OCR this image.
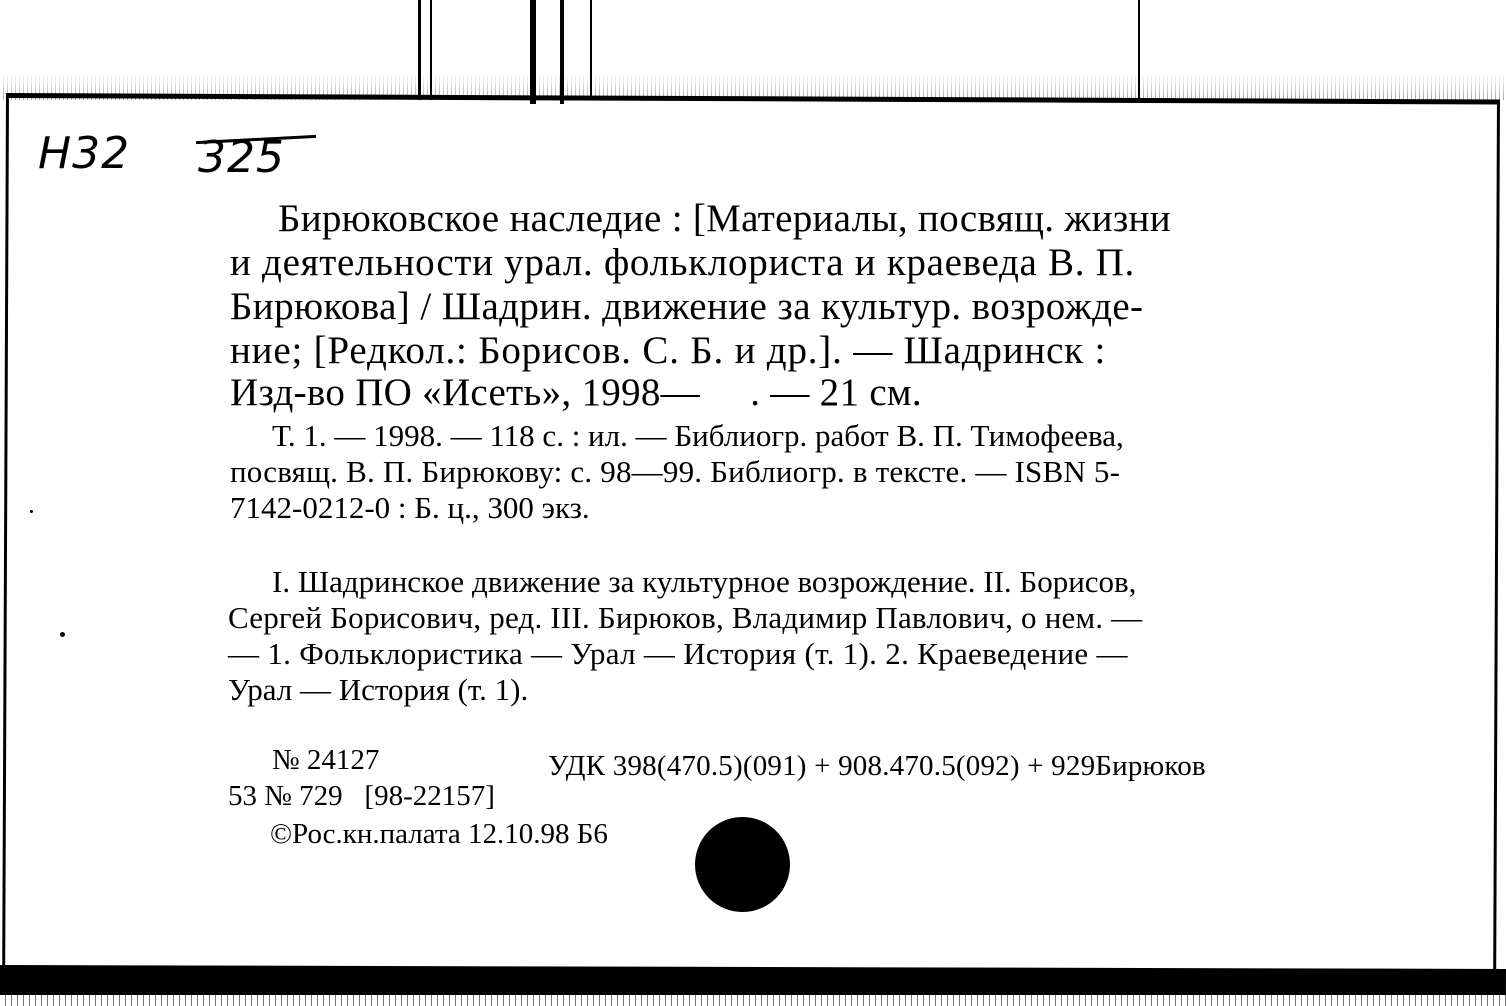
Н32 325
Бирюковское наследие : [Материалы, посвящ. жизни
и деятельности урал. фольклориста и краеведа В. П.
Бирюкова] / Шадрин. движение за культур. возрожде-
ние; [Редкол.: Борисов. С. Б. и др.]. — Шадринск :
Изд-во ПО «Исеть», 1998—     . — 21 см.
Т. 1. — 1998. — 118 с. : ил. — Библиогр. работ В. П. Тимофеева,
посвящ. В. П. Бирюкову: с. 98—99. Библиогр. в тексте. — ISBN 5-
7142-0212-0 : Б. ц., 300 экз.
I. Шадринское движение за культурное возрождение. II. Борисов,
Сергей Борисович, ред. III. Бирюков, Владимир Павлович, о нем. —
— 1. Фольклористика — Урал — История (т. 1). 2. Краеведение —
Урал — История (т. 1).
№ 24127	УДК 398(470.5)(091) + 908.470.5(092) + 929Бирюков
53 № 729   [98-22157]
©Рос.кн.палата 12.10.98 Б6
